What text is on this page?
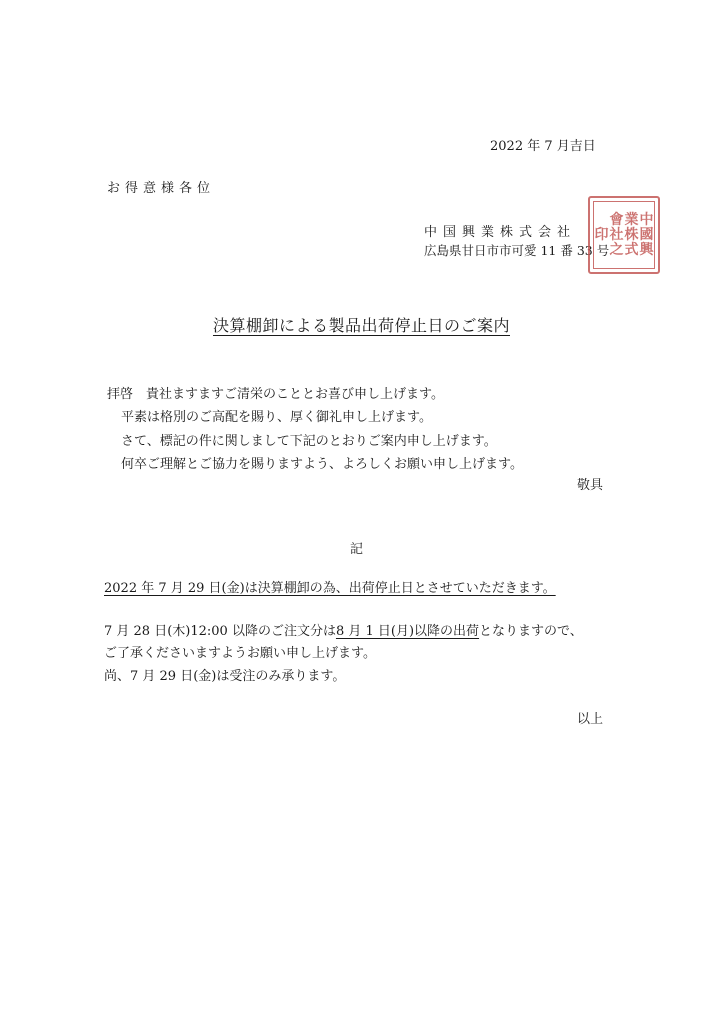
2022 年 7 月吉日
お得意様各位
中国興業株式会社
広島県甘日市市可愛 11 番 33 号
中
國
興
業
株
式
會
社
之
印
決算棚卸による製品出荷停止日のご案内
拝啓　貴社ますますご清栄のこととお喜び申し上げます。
平素は格別のご高配を賜り、厚く御礼申し上げます。
さて、標記の件に関しまして下記のとおりご案内申し上げます。
何卒ご理解とご協力を賜りますよう、よろしくお願い申し上げます。
敬具
記
2022 年 7 月 29 日(金)は決算棚卸の為、出荷停止日とさせていただきます。
7 月 28 日(木)12:00 以降のご注文分は8 月 1 日(月)以降の出荷となりますので、
ご了承くださいますようお願い申し上げます。
尚、7 月 29 日(金)は受注のみ承ります。
以上
